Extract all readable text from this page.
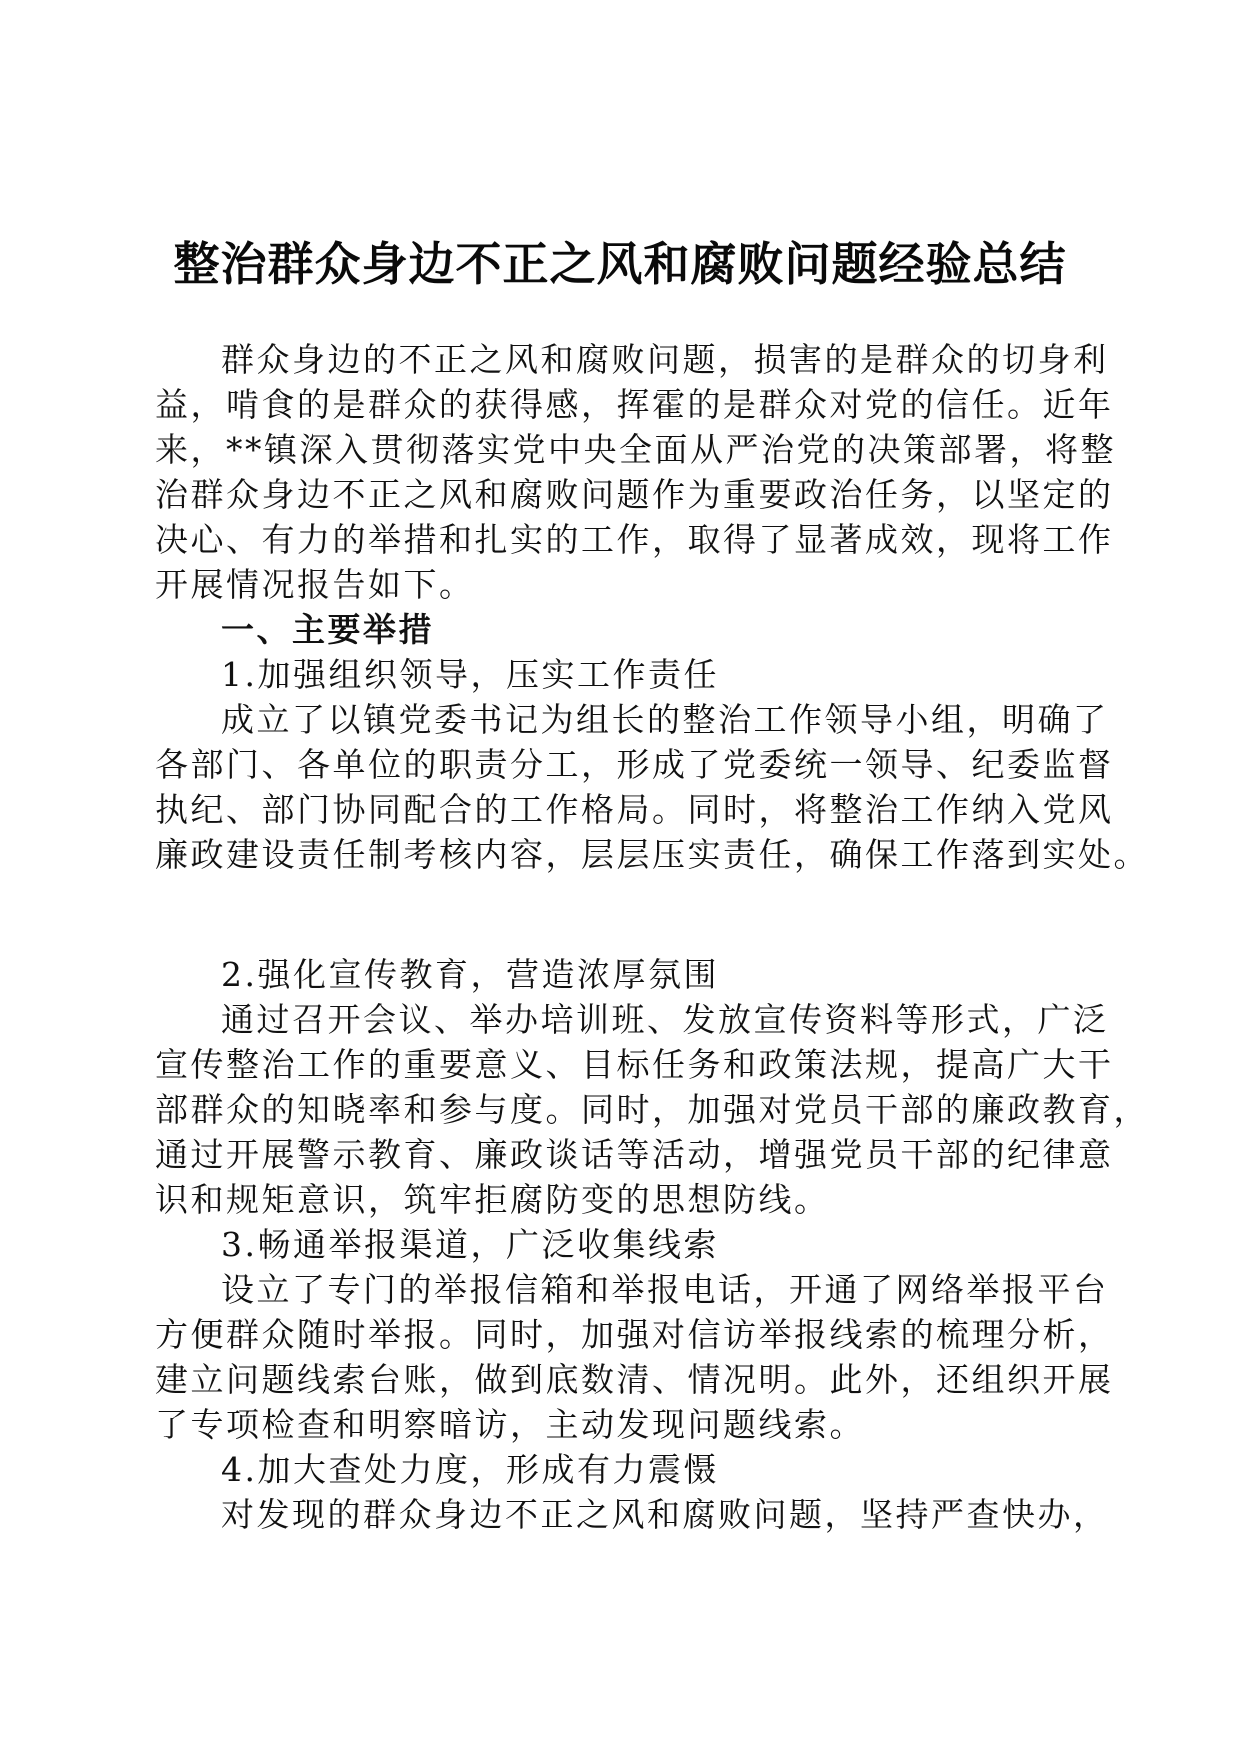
整治群众身边不正之风和腐败问题经验总结
群众身边的不正之风和腐败问题，损害的是群众的切身利
益，啃食的是群众的获得感，挥霍的是群众对党的信任。近年
来，**镇深入贯彻落实党中央全面从严治党的决策部署，将整
治群众身边不正之风和腐败问题作为重要政治任务，以坚定的
决心、有力的举措和扎实的工作，取得了显著成效，现将工作
开展情况报告如下。
一、主要举措
1.加强组织领导，压实工作责任
成立了以镇党委书记为组长的整治工作领导小组，明确了
各部门、各单位的职责分工，形成了党委统一领导、纪委监督
执纪、部门协同配合的工作格局。同时，将整治工作纳入党风
廉政建设责任制考核内容，层层压实责任，确保工作落到实处。
2.强化宣传教育，营造浓厚氛围
通过召开会议、举办培训班、发放宣传资料等形式，广泛
宣传整治工作的重要意义、目标任务和政策法规，提高广大干
部群众的知晓率和参与度。同时，加强对党员干部的廉政教育，
通过开展警示教育、廉政谈话等活动，增强党员干部的纪律意
识和规矩意识，筑牢拒腐防变的思想防线。
3.畅通举报渠道，广泛收集线索
设立了专门的举报信箱和举报电话，开通了网络举报平台
方便群众随时举报。同时，加强对信访举报线索的梳理分析，
建立问题线索台账，做到底数清、情况明。此外，还组织开展
了专项检查和明察暗访，主动发现问题线索。
4.加大查处力度，形成有力震慑
对发现的群众身边不正之风和腐败问题，坚持严查快办，
